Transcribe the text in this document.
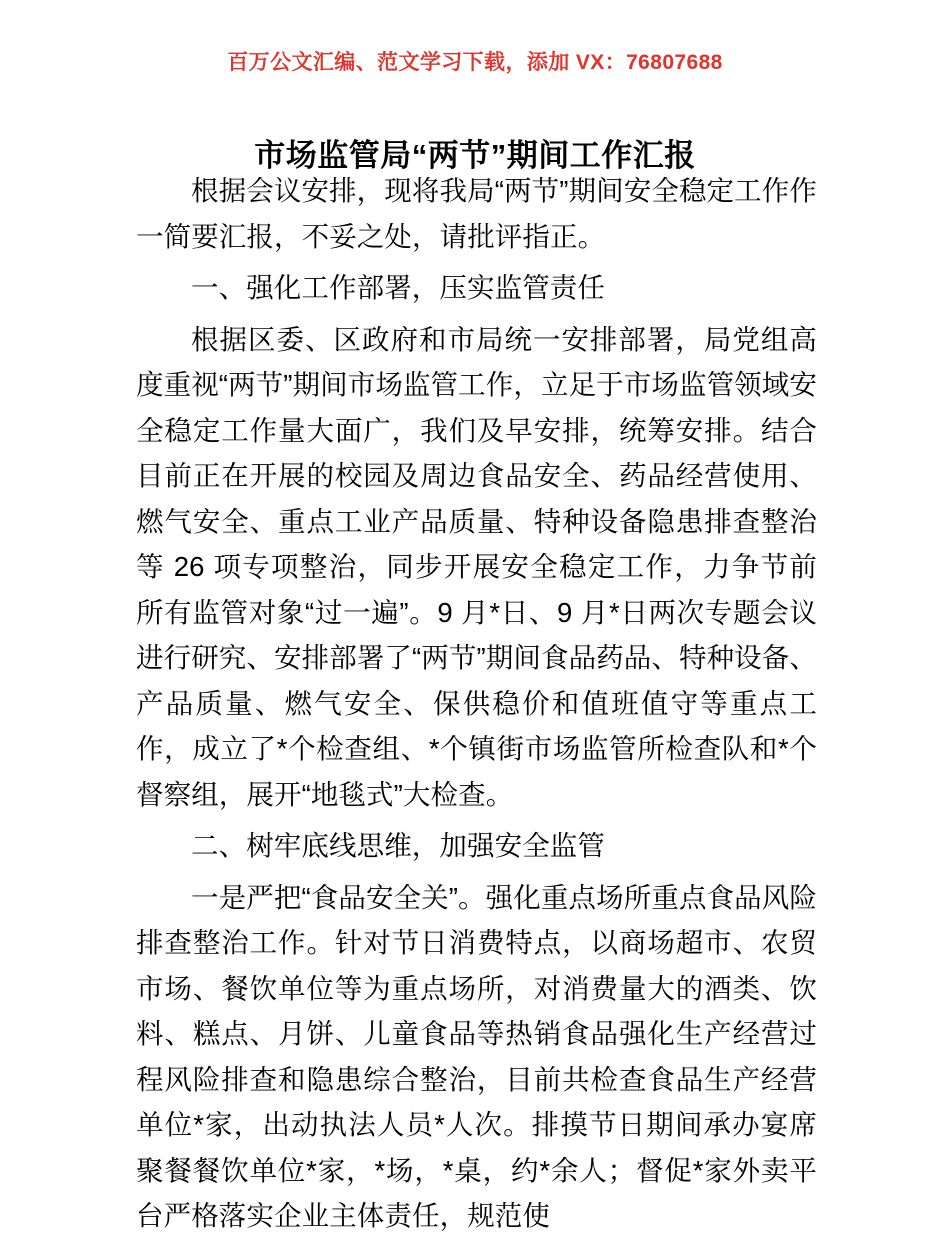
百万公文汇编、范文学习下载，添加 VX：76807688
市场监管局“两节”期间工作汇报

根据会议安排，现将我局“两节”期间安全稳定工作作一简要汇报，不妥之处，请批评指正。

一、强化工作部署，压实监管责任

根据区委、区政府和市局统一安排部署，局党组高度重视“两节”期间市场监管工作，立足于市场监管领域安全稳定工作量大面广，我们及早安排，统筹安排。结合目前正在开展的校园及周边食品安全、药品经营使用、燃气安全、重点工业产品质量、特种设备隐患排查整治等 26 项专项整治，同步开展安全稳定工作，力争节前所有监管对象“过一遍”。9 月*日、9 月*日两次专题会议进行研究、安排部署了“两节”期间食品药品、特种设备、产品质量、燃气安全、保供稳价和值班值守等重点工作，成立了*个检查组、*个镇街市场监管所检查队和*个督察组，展开“地毯式”大检查。

二、树牢底线思维，加强安全监管

一是严把“食品安全关”。强化重点场所重点食品风险排查整治工作。针对节日消费特点，以商场超市、农贸市场、餐饮单位等为重点场所，对消费量大的酒类、饮料、糕点、月饼、儿童食品等热销食品强化生产经营过程风险排查和隐患综合整治，目前共检查食品生产经营单位*家，出动执法人员*人次。排摸节日期间承办宴席聚餐餐饮单位*家，*场，*桌，约*余人；督促*家外卖平台严格落实企业主体责任，规范使
